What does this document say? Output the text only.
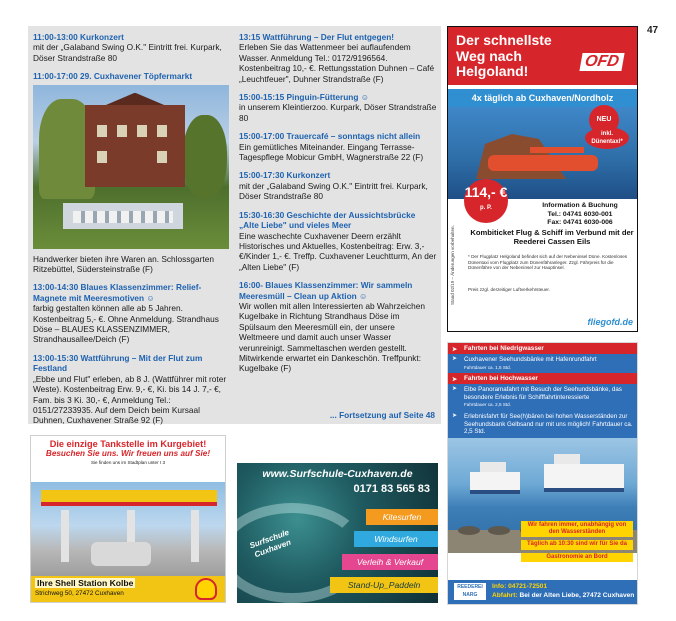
47
11:00-13:00 Kurkonzert
mit der „Galaband Swing O.K." Eintritt frei. Kurpark, Döser Strandstraße 80
11:00-17:00 29. Cuxhavener Töpfermarkt
Handwerker bieten ihre Waren an. Schlossgarten Ritzebüttel, Südersteinstraße (F)
13:00-14:30 Blaues Klassenzimmer: Relief-Magnete mit Meeresmotiven ☺
farbig gestalten können alle ab 5 Jahren. Kostenbeitrag 5,- €. Ohne Anmeldung. Strandhaus Döse – BLAUES KLASSENZIMMER, Strandhausallee/Deich (F)
13:00-15:30 Wattführung – Mit der Flut zum Festland
„Ebbe und Flut" erleben, ab 8 J. (Wattführer mit roter Weste). Kostenbeitrag Erw. 9,- €, Ki. bis 14 J. 7,- €, Fam. bis 3 Ki. 30,- €, Anmeldung Tel.: 0151/27233935. Auf dem Deich beim Kursaal Duhnen, Cuxhavener Straße 92 (F)
13:15 Wattführung – Der Flut entgegen!
Erleben Sie das Wattenmeer bei auflaufendem Wasser. Anmeldung Tel.: 0172/9196564. Kostenbeitrag 10,- €. Rettungsstation Duhnen – Café „Leuchtfeuer", Duhner Strandstraße (F)
15:00-15:15 Pinguin-Fütterung ☺
in unserem Kleintierzoo. Kurpark, Döser Strandstraße 80
15:00-17:00 Trauercafé – sonntags nicht allein
Ein gemütliches Miteinander. Eingang Terrasse-Tagespflege Mobicur GmbH, Wagnerstraße 22 (F)
15:00-17:30 Kurkonzert
mit der „Galaband Swing O.K." Eintritt frei. Kurpark, Döser Strandstraße 80
15:30-16:30 Geschichte der Aussichtsbrücke „Alte Liebe" und vieles Meer
Eine waschechte Cuxhavener Deern erzählt Historisches und Aktuelles, Kostenbeitrag: Erw. 3,- €/Kinder 1,- €. Treffp. Cuxhavener Leuchtturm, An der „Alten Liebe" (F)
16:00- Blaues Klassenzimmer: Wir sammeln Meeresmüll – Clean up Aktion ☺
Wir wollen mit allen Interessierten ab Wahrzeichen Kugelbake in Richtung Strandhaus Döse im Spülsaum den Meeresmüll ein, der unsere Weltmeere und damit auch unser Wasser verunreinigt. Sammeltaschen werden gestellt. Mitwirkende erwartet ein Dankeschön. Treffpunkt: Kugelbake (F)
... Fortsetzung auf Seite 48
Der schnellste Weg nach Helgoland!
OFD
4x täglich ab Cuxhaven/Nordholz
NEU
inkl. Dünentaxi*
Stand 02/19 – Änderungen vorbehalten.
114,- €
p. P.	Information & Buchung
Tel.: 04741 6030-001
Fax: 04741 6030-006
Kombiticket Flug & Schiff im Verbund mit der Reederei Cassen Eils
* Der Flugplatz Helgoland befindet sich auf der Nebeninsel Düne. Kostenloses Dünentaxi vom Flugplatz zum Dünenfähranleger. Zzgl. Fährpreis für die Dünenfähre von der Nebeninsel zur Hauptinsel.
Preis zzgl. derzeitiger Luftverkehrsteuer.
fliegofd.de
➤ Fahrten bei Niedrigwasser
➤ Cuxhavener Seehundsbänke mit Hafenrundfahrt
Fahrtdauer ca. 1,5 Std.
➤ Fahrten bei Hochwasser
➤ Elbe Panoramafahrt mit Besuch der Seehundsbänke, das besondere Erlebnis für Schifffahrtinteressierte
Fahrtdauer ca. 2,5 Std.
➤ Erlebnisfahrt für See(h)bären bei hohen Wasserständen zur Seehundsbank Gelbsand nur mit uns möglich! Fahrtdauer ca. 2,5 Std.
Wir fahren immer, unabhängig von den Wasserständen
Täglich ab 10:30 sind wir für Sie da
Gastronomie an Bord
REEDEREI
NARG
Info: 04721-72501
Abfahrt: Bei der Alten Liebe, 27472 Cuxhaven
Die einzige Tankstelle im Kurgebiet!
Besuchen Sie uns. Wir freuen uns auf Sie!
Sie finden uns im Stadtplan unter I 3
Ihre Shell Station Kolbe
Strichweg 50, 27472 Cuxhaven
www.Surfschule-Cuxhaven.de
0171 83 565 83
Surfschule Cuxhaven
Kitesurfen
Windsurfen
Verleih & Verkauf
Stand-Up_Paddeln
